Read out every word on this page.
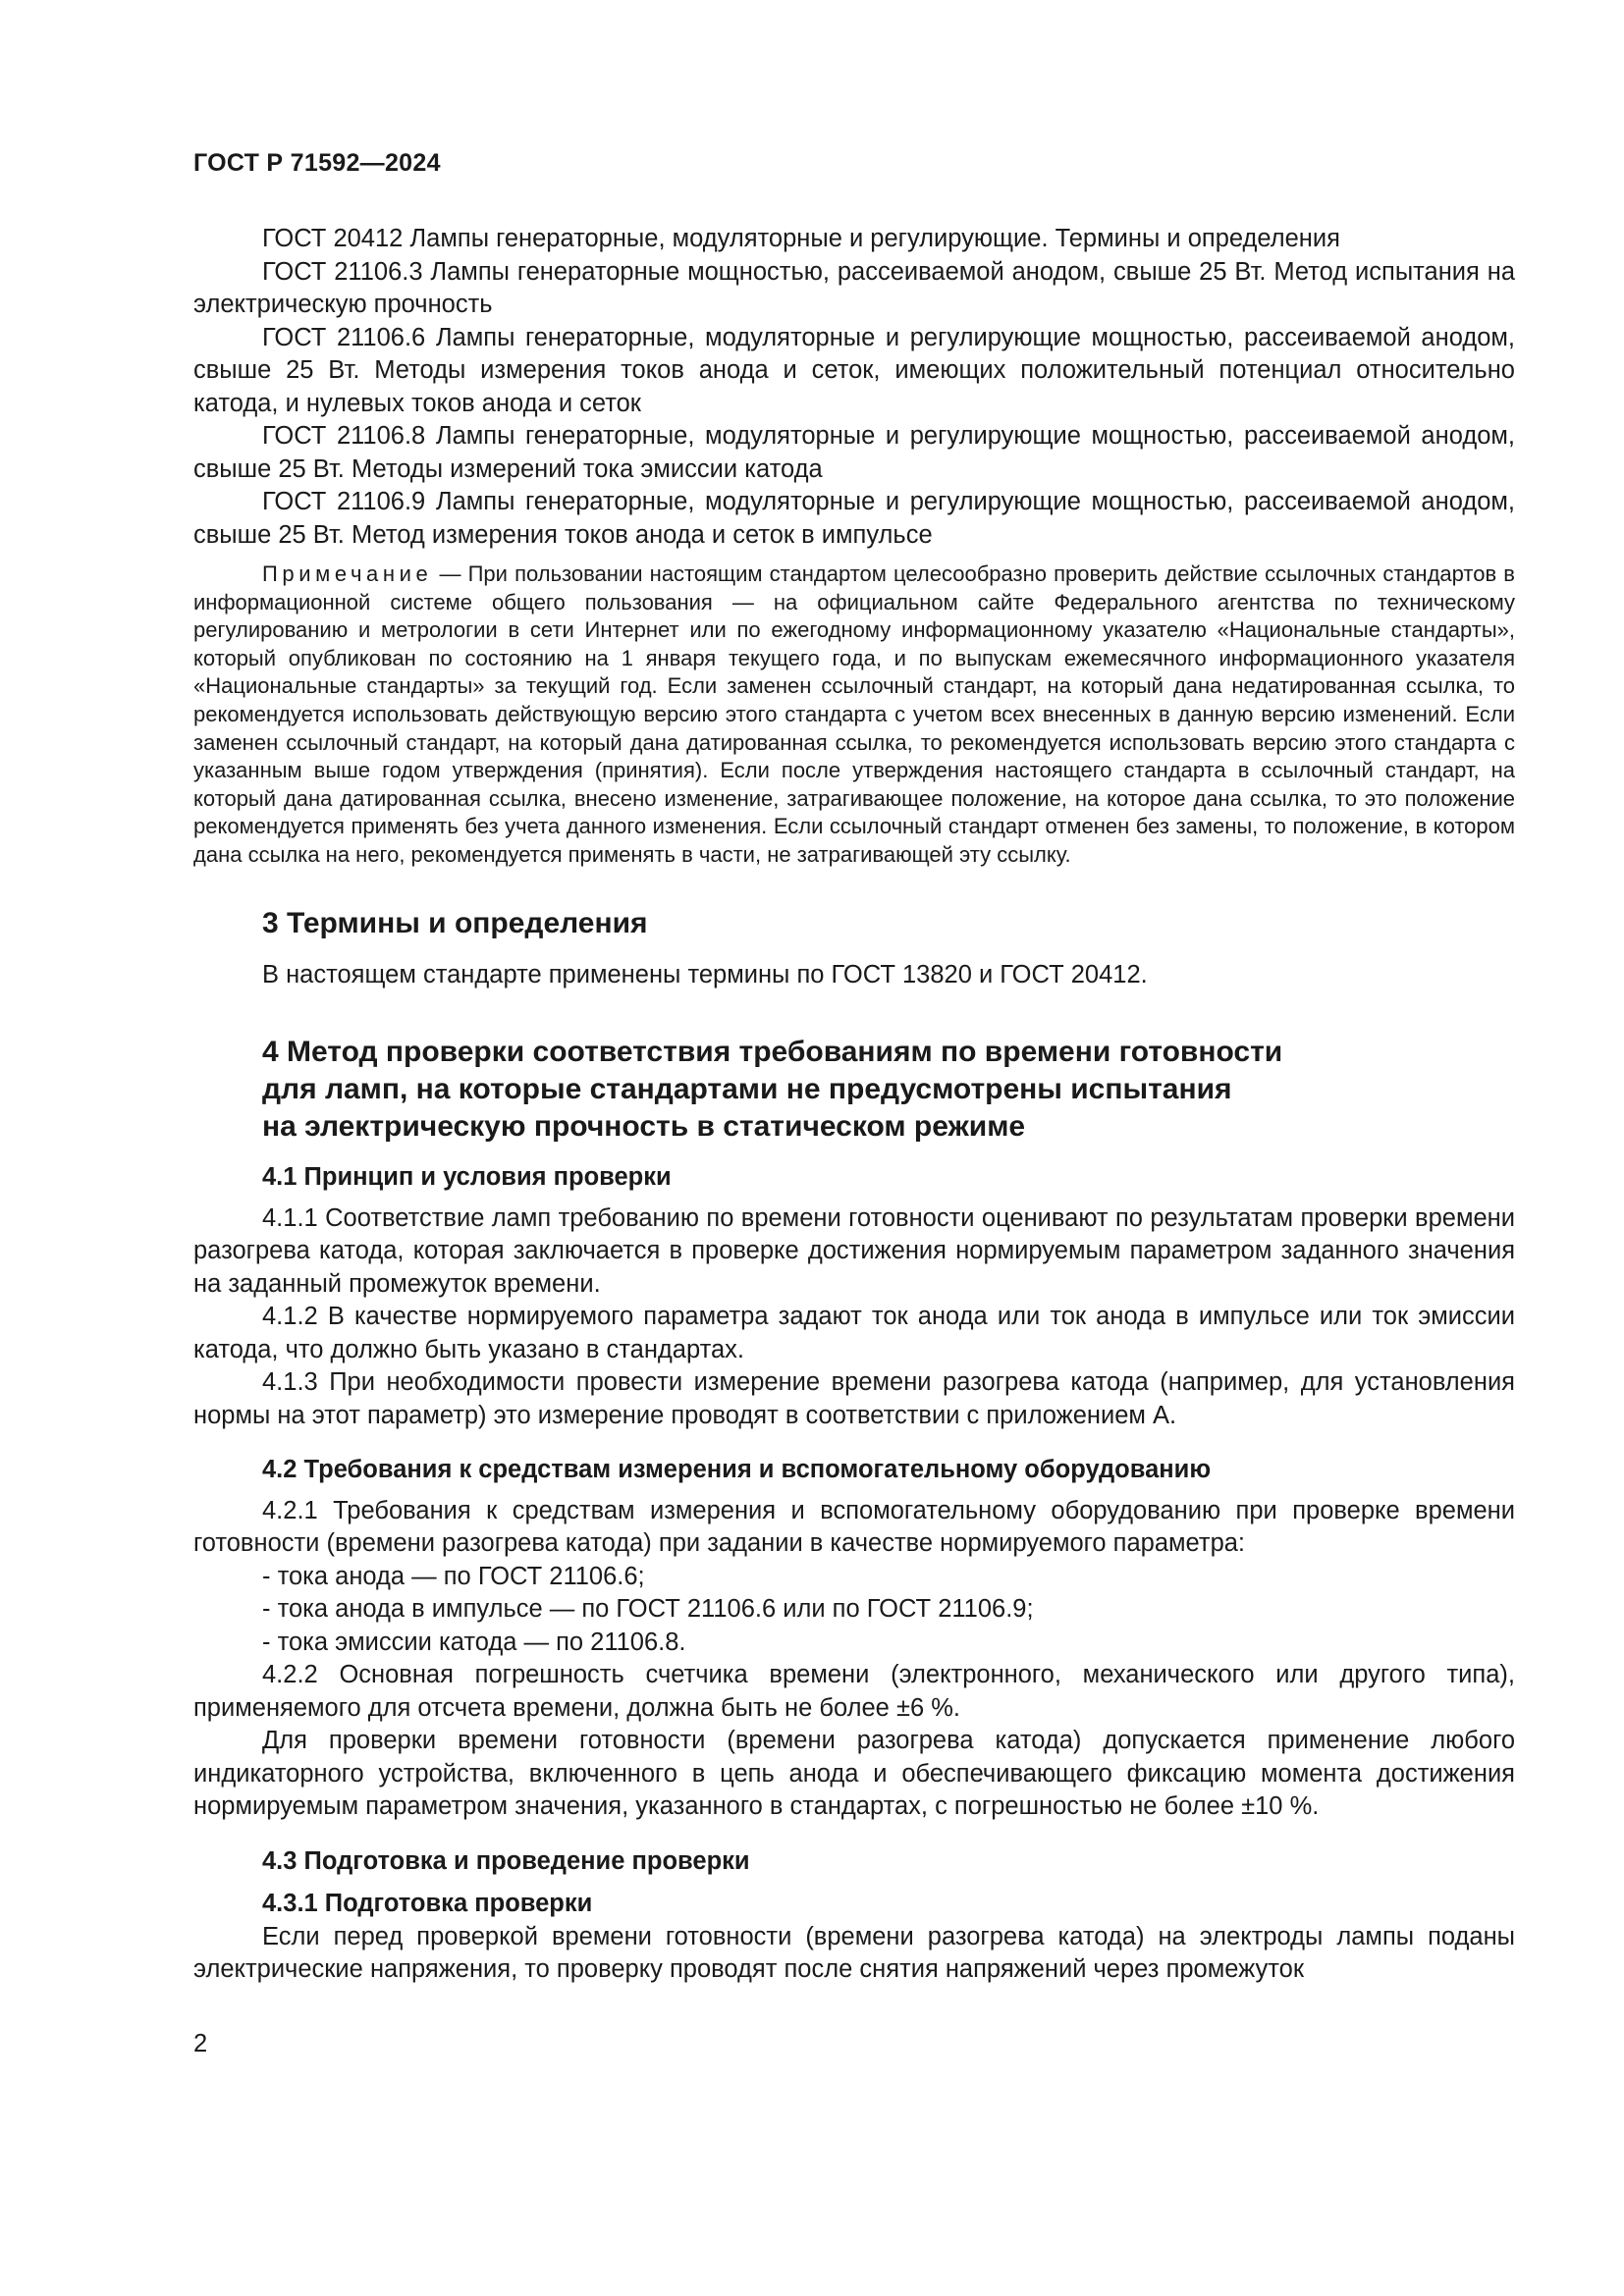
ГОСТ Р 71592—2024

ГОСТ 20412 Лампы генераторные, модуляторные и регулирующие. Термины и определения

ГОСТ 21106.3 Лампы генераторные мощностью, рассеиваемой анодом, свыше 25 Вт. Метод испытания на электрическую прочность

ГОСТ 21106.6 Лампы генераторные, модуляторные и регулирующие мощностью, рассеиваемой анодом, свыше 25 Вт. Методы измерения токов анода и сеток, имеющих положительный потенциал относительно катода, и нулевых токов анода и сеток

ГОСТ 21106.8 Лампы генераторные, модуляторные и регулирующие мощностью, рассеиваемой анодом, свыше 25 Вт. Методы измерений тока эмиссии катода

ГОСТ 21106.9 Лампы генераторные, модуляторные и регулирующие мощностью, рассеиваемой анодом, свыше 25 Вт. Метод измерения токов анода и сеток в импульсе

Примечание — При пользовании настоящим стандартом целесообразно проверить действие ссылочных стандартов в информационной системе общего пользования — на официальном сайте Федерального агентства по техническому регулированию и метрологии в сети Интернет или по ежегодному информационному указателю «Национальные стандарты», который опубликован по состоянию на 1 января текущего года, и по выпускам ежемесячного информационного указателя «Национальные стандарты» за текущий год. Если заменен ссылочный стандарт, на который дана недатированная ссылка, то рекомендуется использовать действующую версию этого стандарта с учетом всех внесенных в данную версию изменений. Если заменен ссылочный стандарт, на который дана датированная ссылка, то рекомендуется использовать версию этого стандарта с указанным выше годом утверждения (принятия). Если после утверждения настоящего стандарта в ссылочный стандарт, на который дана датированная ссылка, внесено изменение, затрагивающее положение, на которое дана ссылка, то это положение рекомендуется применять без учета данного изменения. Если ссылочный стандарт отменен без замены, то положение, в котором дана ссылка на него, рекомендуется применять в части, не затрагивающей эту ссылку.

3 Термины и определения

В настоящем стандарте применены термины по ГОСТ 13820 и ГОСТ 20412.

4 Метод проверки соответствия требованиям по времени готовности
для ламп, на которые стандартами не предусмотрены испытания
на электрическую прочность в статическом режиме
4.1 Принцип и условия проверки

4.1.1 Соответствие ламп требованию по времени готовности оценивают по результатам проверки времени разогрева катода, которая заключается в проверке достижения нормируемым параметром заданного значения на заданный промежуток времени.

4.1.2 В качестве нормируемого параметра задают ток анода или ток анода в импульсе или ток эмиссии катода, что должно быть указано в стандартах.

4.1.3 При необходимости провести измерение времени разогрева катода (например, для установления нормы на этот параметр) это измерение проводят в соответствии с приложением А.

4.2 Требования к средствам измерения и вспомогательному оборудованию

4.2.1 Требования к средствам измерения и вспомогательному оборудованию при проверке времени готовности (времени разогрева катода) при задании в качестве нормируемого параметра:

- тока анода — по ГОСТ 21106.6;

- тока анода в импульсе — по ГОСТ 21106.6 или по ГОСТ 21106.9;

- тока эмиссии катода — по 21106.8.

4.2.2 Основная погрешность счетчика времени (электронного, механического или другого типа), применяемого для отсчета времени, должна быть не более ±6 %.

Для проверки времени готовности (времени разогрева катода) допускается применение любого индикаторного устройства, включенного в цепь анода и обеспечивающего фиксацию момента достижения нормируемым параметром значения, указанного в стандартах, с погрешностью не более ±10 %.

4.3 Подготовка и проведение проверки
4.3.1 Подготовка проверки

Если перед проверкой времени готовности (времени разогрева катода) на электроды лампы поданы электрические напряжения, то проверку проводят после снятия напряжений через промежуток

2
